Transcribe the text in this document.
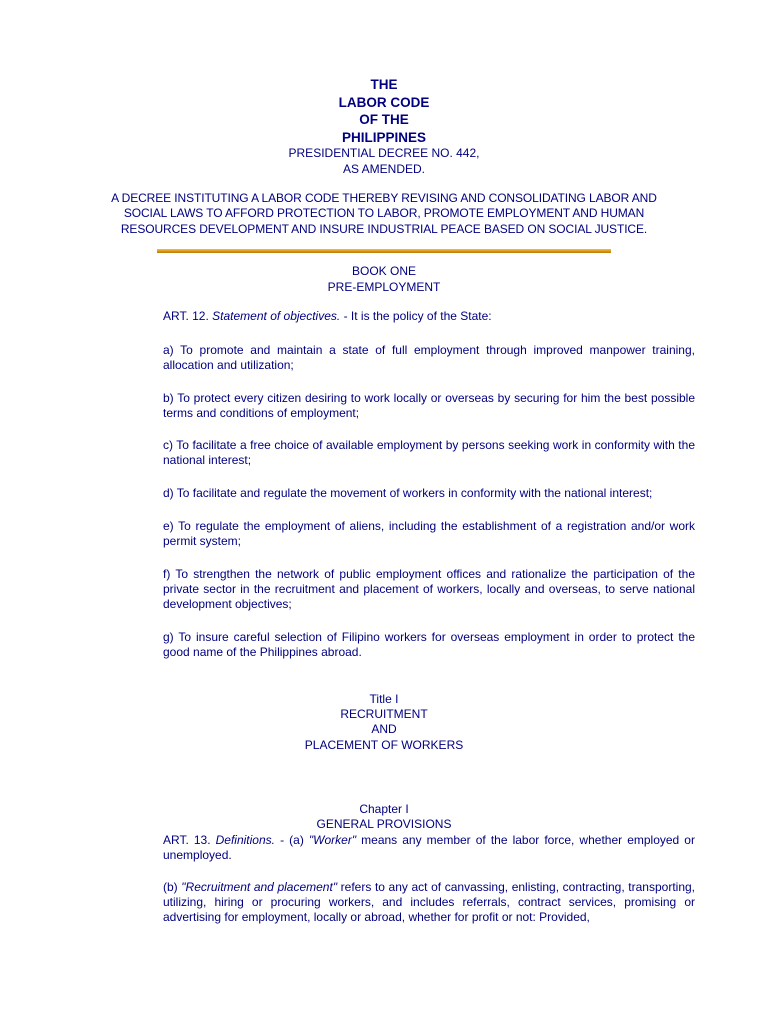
THE
LABOR CODE
OF THE
PHILIPPINES
PRESIDENTIAL DECREE NO. 442,
AS AMENDED.
A DECREE INSTITUTING A LABOR CODE THEREBY REVISING AND CONSOLIDATING LABOR AND
SOCIAL LAWS TO AFFORD PROTECTION TO LABOR, PROMOTE EMPLOYMENT AND HUMAN
RESOURCES DEVELOPMENT AND INSURE INDUSTRIAL PEACE BASED ON SOCIAL JUSTICE.
BOOK ONE
PRE-EMPLOYMENT
ART. 12. Statement of objectives. - It is the policy of the State:
a) To promote and maintain a state of full employment through improved manpower training, allocation and utilization;
b) To protect every citizen desiring to work locally or overseas by securing for him the best possible terms and conditions of employment;
c) To facilitate a free choice of available employment by persons seeking work in conformity with the national interest;
d) To facilitate and regulate the movement of workers in conformity with the national interest;
e) To regulate the employment of aliens, including the establishment of a registration and/or work permit system;
f) To strengthen the network of public employment offices and rationalize the participation of the private sector in the recruitment and placement of workers, locally and overseas, to serve national development objectives;
g) To insure careful selection of Filipino workers for overseas employment in order to protect the good name of the Philippines abroad.
Title I
RECRUITMENT
AND
PLACEMENT OF WORKERS
Chapter I
GENERAL PROVISIONS
ART. 13. Definitions. - (a) "Worker" means any member of the labor force, whether employed or unemployed.
(b) "Recruitment and placement" refers to any act of canvassing, enlisting, contracting, transporting, utilizing, hiring or procuring workers, and includes referrals, contract services, promising or advertising for employment, locally or abroad, whether for profit or not: Provided,
